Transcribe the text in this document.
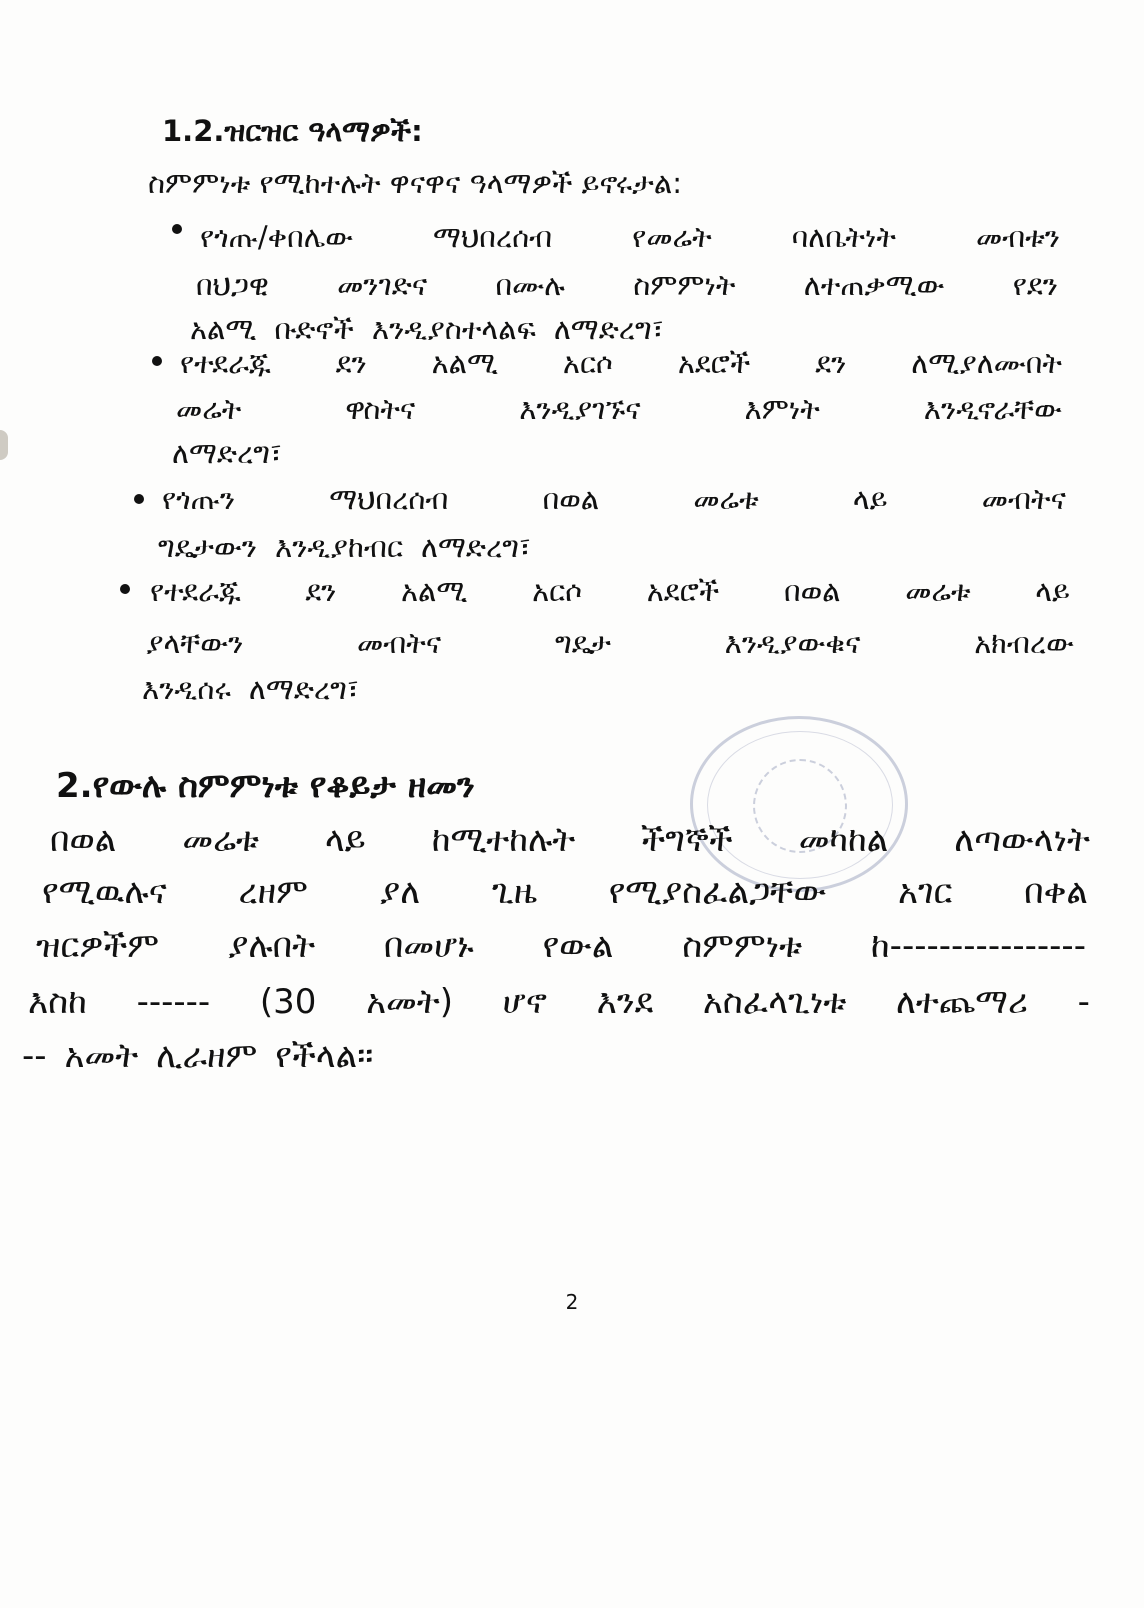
1.2.ዝርዝር ዓላማዎች:
ስምምነቱ የሚከተሉት ዋናዋና ዓላማዎች ይኖሩታል:
የጎጡ/ቀበሌው	ማህበረሰብ	የመሬት	ባለቤትነት	መብቱን
በህጋዊ መንገድና በሙሉ ስምምነት ለተጠቃሚው የደን
አልሚ ቡድኖች እንዲያስተላልፍ ለማድረግ፣
የተደራጁ ደን አልሚ አርሶ አደሮች ደን ለሚያለሙበት
መሬት	ዋስትና	እንዲያገኙና	እምነት	እንዲኖራቸው
ለማድረግ፣
የጎጡን	ማህበረሰብ	በወል	መሬቱ	ላይ	መብትና
ግዴታውን እንዲያከብር ለማድረግ፣
የተደራጁ ደን አልሚ አርሶ አደሮች በወል መሬቱ ላይ
ያላቸውን	መብትና	ግዴታ	እንዲያውቁና	አክብረው
እንዲሰሩ ለማድረግ፣
2.የውሉ ስምምነቱ የቆይታ ዘመን
በወል መሬቱ ላይ ከሚተከሉት ችግኞች መካከል ለጣውላነት
የሚዉሉና ረዘም ያለ ጊዜ የሚያስፈልጋቸው አገር በቀል
ዝርዎችም ያሉበት በመሆኑ የውል ስምምነቱ ከ----------------
እስከ ------ (30 አመት) ሆኖ እንደ አስፈላጊነቱ ለተጨማሪ -
-- አመት ሊራዘም የችላል፡፡
2
